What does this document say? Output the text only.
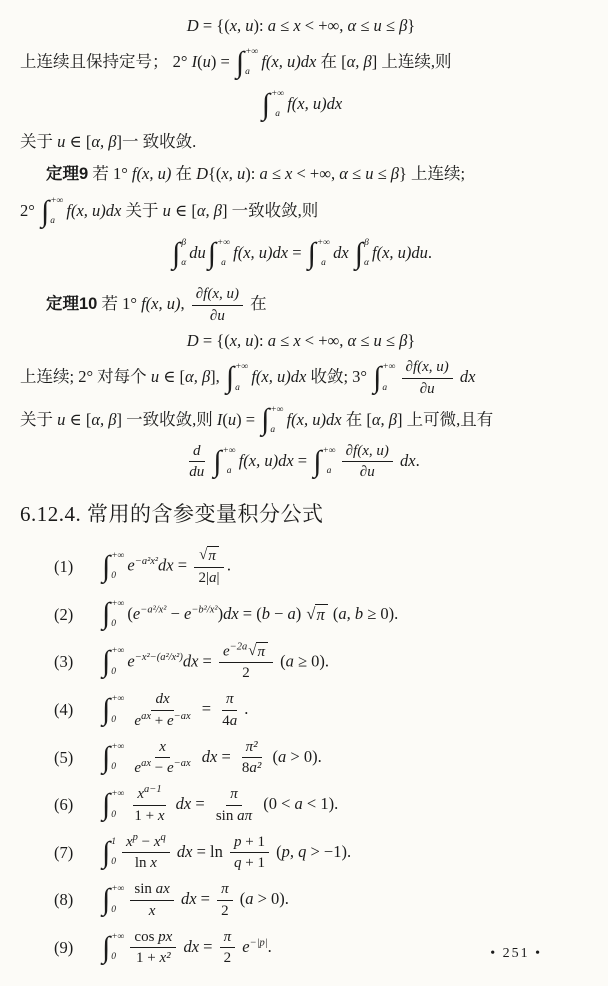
D = {(x, u): a ≤ x < +∞, α ≤ u ≤ β}
上连续且保持定号； 2° I(u) = ∫ +∞
a
f(x, u)dx 在 [α, β] 上连续,则
∫ +∞
a
f(x, u)dx
关于 u ∈ [α, β]一 致收敛.
定理9 若 1° f(x, u) 在 D{(x, u): a ≤ x < +∞, α ≤ u ≤ β} 上连续;
2° ∫ +∞
a
f(x, u)dx 关于 u ∈ [α, β] 一致收敛,则
∫ β
α
du ∫ +∞
a
f(x, u)dx = ∫ +∞
a
dx ∫ β
α
f(x, u)du.
定理10 若 1° f(x, u), $\frac{\partial f(x, u)}{\partial u}$ 在
D = {(x, u): a ≤ x < +∞, α ≤ u ≤ β}
上连续; 2° 对每个 u ∈ [α, β], ∫ +∞
a
f(x, u)dx 收敛; 3° ∫ +∞
a $\frac{\partial f(x, u)}{\partial u}$ dx
关于 u ∈ [α, β] 一致收敛,则 I(u) = ∫ +∞
a
f(x, u)dx 在 [α, β] 上可微,且有
$\frac{d}{du}$ ∫ +∞
a
f(x, u)dx = ∫ +∞
a $\frac{\partial f(x, u)}{\partial u}$ dx.
6.12.4. 常用的含参变量积分公式
(1) ∫ +∞
0
$e^{-a^2x^2}dx = \frac{√ \pi}{2|a|}$ .
(2) ∫ +∞
0
$(e^{-a^2/x^2} - e^{-b^2/x^2})dx = (b - a)$ √ π (a, b ≥ 0).
(3) ∫ +∞
0
$e^{-x^2-(a^2/x^2)}dx = \frac{e^{-2a} √ \pi}{2} (a \ge 0)$.
(4) ∫ +∞
$0 \frac{dx}{e^{ax} + e^{-ax}} = \frac{\pi}{4a}$ .
(5) ∫ +∞
$0 \frac{x}{e^{ax} - e^{-ax}}$ dx = $\frac{\text{π²}}{\text{8a²}} (a > 0)$.
(6) ∫ +∞
$0 \frac{x^{a-1}}{1 + x}$ dx = $\frac{\pi}{\text{sin aπ}} (0 < a < 1)$.
(7) ∫ 1
$0 \frac{x^p - x^q}{\text{ln x}}$ dx = $\ln \frac{p + 1}{q + 1} (p$, q > −1).
(8) ∫ +∞
$0 \frac{\text{sin ax}}{x}$ dx = $\frac{\pi}{2} (a > 0)$.
(9) ∫ +∞
$0 \frac{\text{cos px}}{\text{1 + x²}}$ dx = $\frac{\pi}{2} e^{-|p|}$.	• 251 •
